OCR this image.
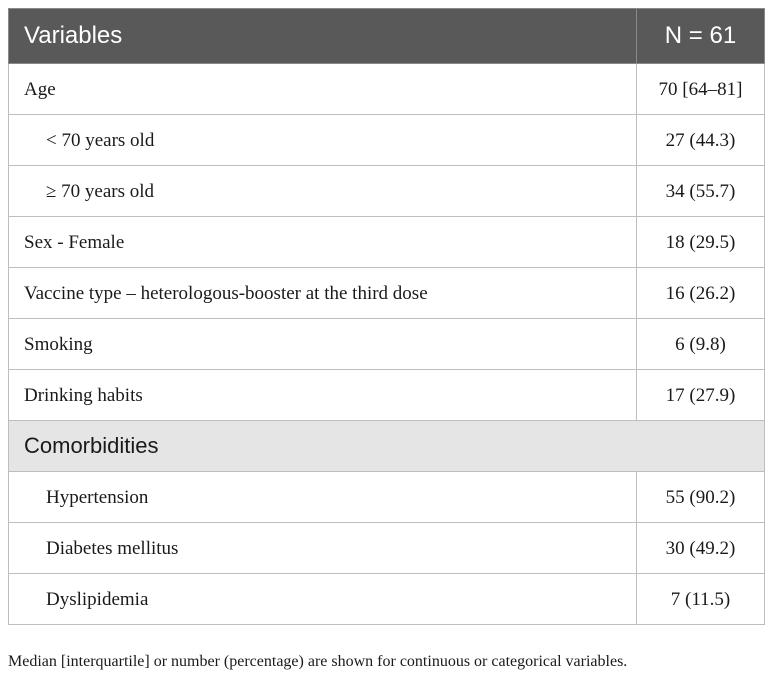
Variables	N = 61
Age	70 [64–81]
< 70 years old	27 (44.3)
≥ 70 years old	34 (55.7)
Sex - Female	18 (29.5)
Vaccine type – heterologous-booster at the third dose	16 (26.2)
Smoking	6 (9.8)
Drinking habits	17 (27.9)
Comorbidities	
Hypertension	55 (90.2)
Diabetes mellitus	30 (49.2)
Dyslipidemia	7 (11.5)
Median [interquartile] or number (percentage) are shown for continuous or categorical variables.
